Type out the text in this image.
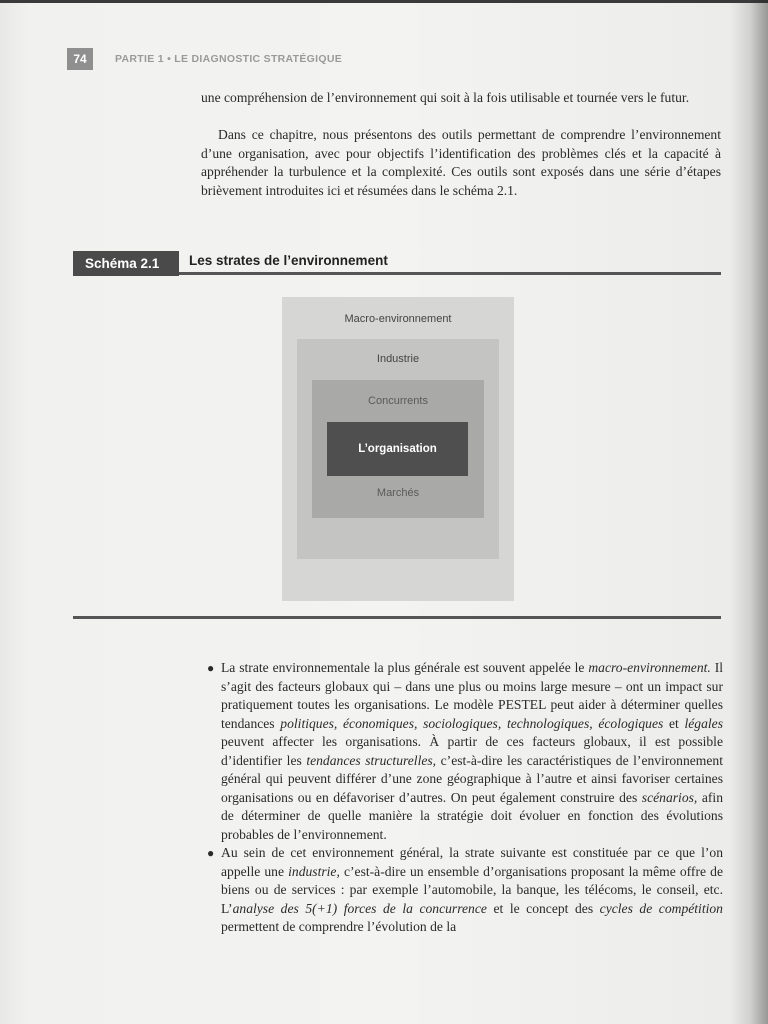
74	PARTIE 1 • LE DIAGNOSTIC STRATÉGIQUE

une compréhension de l’environnement qui soit à la fois utilisable et tournée vers le futur.

Dans ce chapitre, nous présentons des outils permettant de comprendre l’environnement d’une organisation, avec pour objectifs l’identification des problèmes clés et la capacité à appréhender la turbulence et la complexité. Ces outils sont exposés dans une série d’étapes brièvement introduites ici et résumées dans le schéma 2.1.

Schéma 2.1	Les strates de l’environnement
Macro-environnement
Industrie
Concurrents
Marchés
L’organisation
● La strate environnementale la plus générale est souvent appelée le macro-environnement. Il s’agit des facteurs globaux qui – dans une plus ou moins large mesure – ont un impact sur pratiquement toutes les organisations. Le modèle PESTEL peut aider à déterminer quelles tendances politiques, économiques, sociologiques, technologiques, écologiques et légales peuvent affecter les organisations. À partir de ces facteurs globaux, il est possible d’identifier les tendances structurelles, c’est-à-dire les caractéristiques de l’environnement général qui peuvent différer d’une zone géographique à l’autre et ainsi favoriser certaines organisations ou en défavoriser d’autres. On peut également construire des scénarios, afin de déterminer de quelle manière la stratégie doit évoluer en fonction des évolutions probables de l’environnement.
● Au sein de cet environnement général, la strate suivante est constituée par ce que l’on appelle une industrie, c’est-à-dire un ensemble d’organisations proposant la même offre de biens ou de services : par exemple l’automobile, la banque, les télécoms, le conseil, etc. L’analyse des 5(+1) forces de la concurrence et le concept des cycles de compétition permettent de comprendre l’évolution de la
